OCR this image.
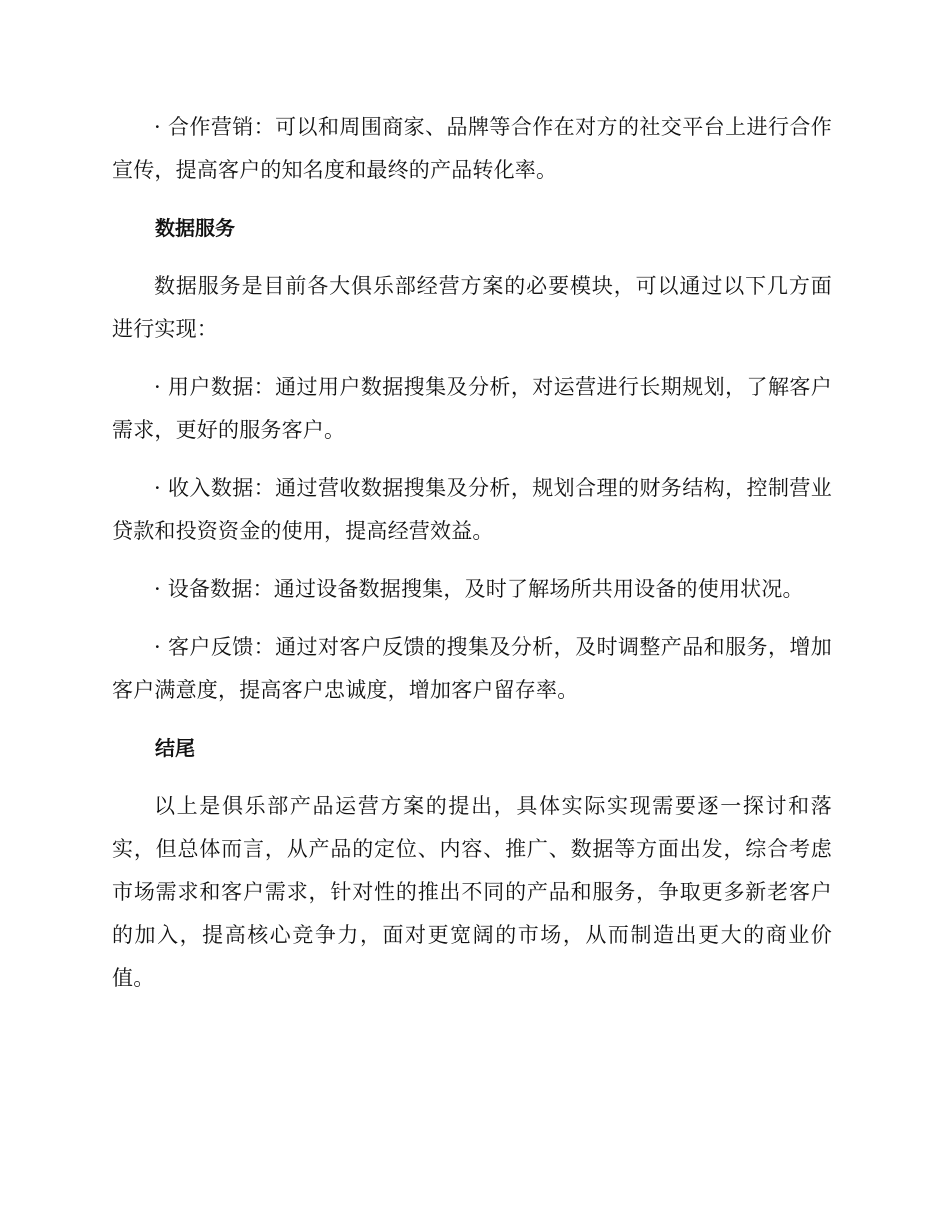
· 合作营销：可以和周围商家、品牌等合作在对方的社交平台上进行合作宣传，提高客户的知名度和最终的产品转化率。

数据服务

数据服务是目前各大俱乐部经营方案的必要模块，可以通过以下几方面进行实现：

· 用户数据：通过用户数据搜集及分析，对运营进行长期规划，了解客户需求，更好的服务客户。

· 收入数据：通过营收数据搜集及分析，规划合理的财务结构，控制营业贷款和投资资金的使用，提高经营效益。

· 设备数据：通过设备数据搜集，及时了解场所共用设备的使用状况。

· 客户反馈：通过对客户反馈的搜集及分析，及时调整产品和服务，增加客户满意度，提高客户忠诚度，增加客户留存率。

结尾

以上是俱乐部产品运营方案的提出，具体实际实现需要逐一探讨和落实，但总体而言，从产品的定位、内容、推广、数据等方面出发，综合考虑市场需求和客户需求，针对性的推出不同的产品和服务，争取更多新老客户的加入，提高核心竞争力，面对更宽阔的市场，从而制造出更大的商业价值。
